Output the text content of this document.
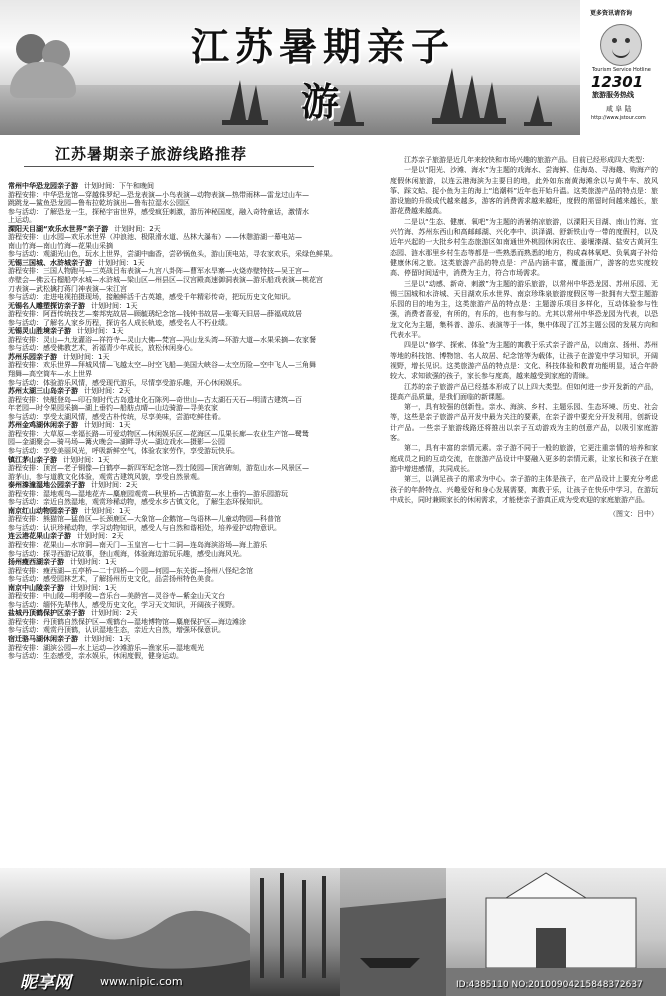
江苏暑期亲子游
更多资讯请咨询
Tourism Service Hotline
12301
旅游服务热线
咸 阜 陆
http://www.jstour.com
江苏暑期亲子旅游线路推荐

常州中华恐龙园亲子游 计划时间：下午和晚间

游程安排：中华恐龙馆—穿越侏罗纪—恐龙表演—小鸟表演—动物表演—热带雨林—雷龙过山车—

跳跳龙—鲨鱼恐龙园—鲁布拉乾坊演出—鲁布拉湿水公园区

参与活动：了解恐龙一生，探秘宇宙世界，感受疯狂刺激，游历神秘国度，融入奇特童话，激情水

上运动。

溧阳天目湖“欢乐水世界”亲子游 计划时间：2天

游程安排：山水园—欢乐水世界（冲浪池、极限滑水道、丛林大瀑布）——休憩游湖一幕电站—

南山竹海—南山竹海—花果山采摘

参与活动：观湖光山色，玩水上世界，尝湖中幽香，尝砂锅鱼头，游山顶电站，寻农家欢乐，采绿色鲜果。

无锡三国城、水浒城亲子游 计划时间：1天

游程安排：三国人物跑马—三英战吕布表演—九宫八卦阵—曹军水旱寨—火烧赤壁特技—吴王宫—

赤壁会—佛云石榴船亭水城—水浒城—梁山区—州县区—汉宫殿高速御洞表演—游乐船戏表演—桃花宫

刀表演—武松擒打蒋门神表演—宋江宫

参与活动：走进电视拍摄现场，接触鲜活千古英雄，感受千年精彩传奇，把玩历史文化知识。

无锡名人雕塑探访亲子游 计划时间：1天

游程安排：阿酉传统技艺—秦邦宪故居—顾毓琇纪念馆—钱钟书故居—张骞天旧居—薛福成故居

参与活动：了解名人家乡历程，探访名人成长轨迹，感受名人不朽业绩。

无锡灵山胜境亲子游 计划时间：1天

游程安排：灵山—九龙灌浴—祥符寺—灵山大佛—梵宫—冯山龙头湾—环游大道—水果采摘—农家餐

参与活动：感受佛教艺术，祈福青少年成长，放松休闲身心。

苏州乐园亲子游 计划时间：1天

游程安排：欢乐世界—拜城风情—飞越太空—时空飞船—美国大峡谷—太空历险—空中飞人—三角舞

翔舞—高空筒车—水上世界

参与活动：体验游乐风情，感受现代游乐，尽情享受游乐趣，开心休闲娱乐。

苏州太湖三山岛亲子游 计划时间：2天

游程安排：快艇登岛—印石刻时代古岛遗址化石陈列—奇世山—古太湖石天石—明清古建筑—百

年老园—时令果园采摘—湖上垂钓—船舫点晴—山边骑游—寻美农家

参与活动：享受太湖风情，感受古朴传统，尽享美味，尝游吃鲜佳肴。

苏州金鸡湖休闲亲子游 计划时间：1天

游程安排：大草原—幸福长路—可爱动物区—休闲娱乐区—花海区—瓜果长廊—农业生产馆—鹭鸶

园—金湖聚会—骑马场—篝火晚会—湖畔寻火—湖边戏水—摄影—公园

参与活动：享受美丽风光，呼吸新鲜空气，体验农家劳作，享受游玩快乐。

镇江茅山亲子游 计划时间：1天

游程安排：顶宫—老子铜像—白鹤亭—新四军纪念馆—烈士陵园—顶宫碑刻，游览山水—风景区—

游茅山，参与道教文化体验，观赏古建筑风貌，享受自然景观。

泰州溱潼湿地公园亲子游 计划时间：2天

游程安排：湿地观鸟—湿地花卉—麋鹿园观赏—秋里桥—古镇游览—水上垂钓—游乐园游玩

参与活动：亲近自然湿地，观赏珍稀动物，感受水乡古镇文化，了解生态环保知识。

南京红山动物园亲子游 计划时间：1天

游程安排：熊猫馆—猛兽区—长颈鹿区—大象馆—企鹅馆—鸟语林—儿童动物园—科普馆

参与活动：认识珍稀动物，学习动物知识，感受人与自然和谐相处，培养爱护动物意识。

连云港花果山亲子游 计划时间：2天

游程安排：花果山—水帘洞—南天门—玉皇宫—七十二洞—连岛海滨浴场—海上游乐

参与活动：探寻西游记故事，登山观海，体验海边游玩乐趣，感受山海风光。

扬州瘦西湖亲子游 计划时间：1天

游程安排：瘦西湖—五亭桥—二十四桥—个园—何园—东关街—扬州八怪纪念馆

参与活动：感受园林艺术，了解扬州历史文化，品尝扬州特色美食。

南京中山陵亲子游 计划时间：1天

游程安排：中山陵—明孝陵—音乐台—美龄宫—灵谷寺—紫金山天文台

参与活动：缅怀先辈伟人，感受历史文化，学习天文知识，开阔孩子视野。

盐城丹顶鹤保护区亲子游 计划时间：2天

游程安排：丹顶鹤自然保护区—观鹤台—湿地博物馆—麋鹿保护区—海边滩涂

参与活动：观赏丹顶鹤，认识湿地生态，亲近大自然，增强环保意识。

宿迁骆马湖休闲亲子游 计划时间：1天

游程安排：湖滨公园—水上运动—沙滩游乐—渔家乐—湿地观光

参与活动：生态感受，亲水娱乐，休闲度假，健身运动。

江苏亲子旅游是近几年来较快和市场兴趣的旅游产品。目前已经形成四大类型：

一是以“阳光、沙滩、海水”为主题的戏海水、尝海鲜、住海岛、寻海趣、购海产的度假休闲旅游，以连云港海滨为主要目的地，此外如东南黄海滩余以与黄牛车、放风筝、踩文蛤、捉小鱼为主的海上“追潮料”近年也开始升温。这类旅游产品的特点是：旅游设施的升级成代越来越多，游客的消费需求越来越旺，度假的需留时间越来越长，旅游花费越来越高。

二是以“生态、健康、氧吧”为主题的消暑纳凉旅游，以溧阳天目湖、南山竹海、宜兴竹海、苏州东西山和高邮邮湖、兴化李中、洪泽湖、舒新铁山寺一带的度假村，以及近年兴起的一大批乡村生态旅游区如南通世外桃园休闲农庄、姜堰溱湖、盐安古黄河生态园、涟水那里乡村生态等都是一些熟悉而熟悉的地方，构成森林氧吧、负氧离子补给健康休闲之旅。这类旅游产品的特点是：产品内涵丰富，覆盖面广，游客的忠实度较高、停留时间适中，消费为主力，符合市场需求。

三是以“动感、新奇、刺激”为主题的游乐旅游，以常州中华恐龙园、苏州乐园、无锡三国城和水浒城、天目湖欢乐水世界、南京珍珠泉旅游度假区等一批拥有大型主题游乐园的目的地为主，这类旅游产品的特点是：主题游乐项目多样化，互动体验参与性强，消费者喜爱，有所的，有乐的，也有参与的。尤其以常州中华恐龙园为代表，以恐龙文化为主题，集科普、游乐、表演等于一体，集中体现了江苏主题公园的发展方向和代表水平。

四是以“修学、探索、体验”为主题的寓教于乐式亲子游产品，以南京、扬州、苏州等地的科技馆、博物馆、名人故居、纪念馆等为载体，让孩子在游览中学习知识，开阔视野，增长见识。这类旅游产品的特点是：文化、科技体验和教育功能明显，适合年龄较大、求知欲强的孩子，家长参与度高，越来越受到家庭的青睐。

江苏的亲子旅游产品已经基本形成了以上四大类型。但如何进一步开发新的产品，提高产品质量，是我们面临的新课题。

第一，具有较强的创新性。亲水、海滨、乡村、主题乐园、生态环境、历史、社会等，这些是亲子旅游产品开发中最为关注的要素，在亲子游中要充分开发利用，创新设计产品。一些亲子旅游线路还将推出以亲子互动游戏为主的创意产品，以吸引家庭游客。

第二，具有丰富的亲情元素。亲子游不同于一般的旅游，它更注重亲情的培养和家庭成员之间的互动交流，在旅游产品设计中要融入更多的亲情元素，让家长和孩子在旅游中增进感情，共同成长。

第三，以满足孩子的需求为中心。亲子游的主体是孩子，在产品设计上要充分考虑孩子的年龄特点、兴趣爱好和身心发展需要，寓教于乐，让孩子在快乐中学习，在游玩中成长，同时兼顾家长的休闲需求，才能使亲子游真正成为受欢迎的家庭旅游产品。

（图文：吕中）

昵享网	www.nipic.com	ID:4385110 NO:20100904215848372637
